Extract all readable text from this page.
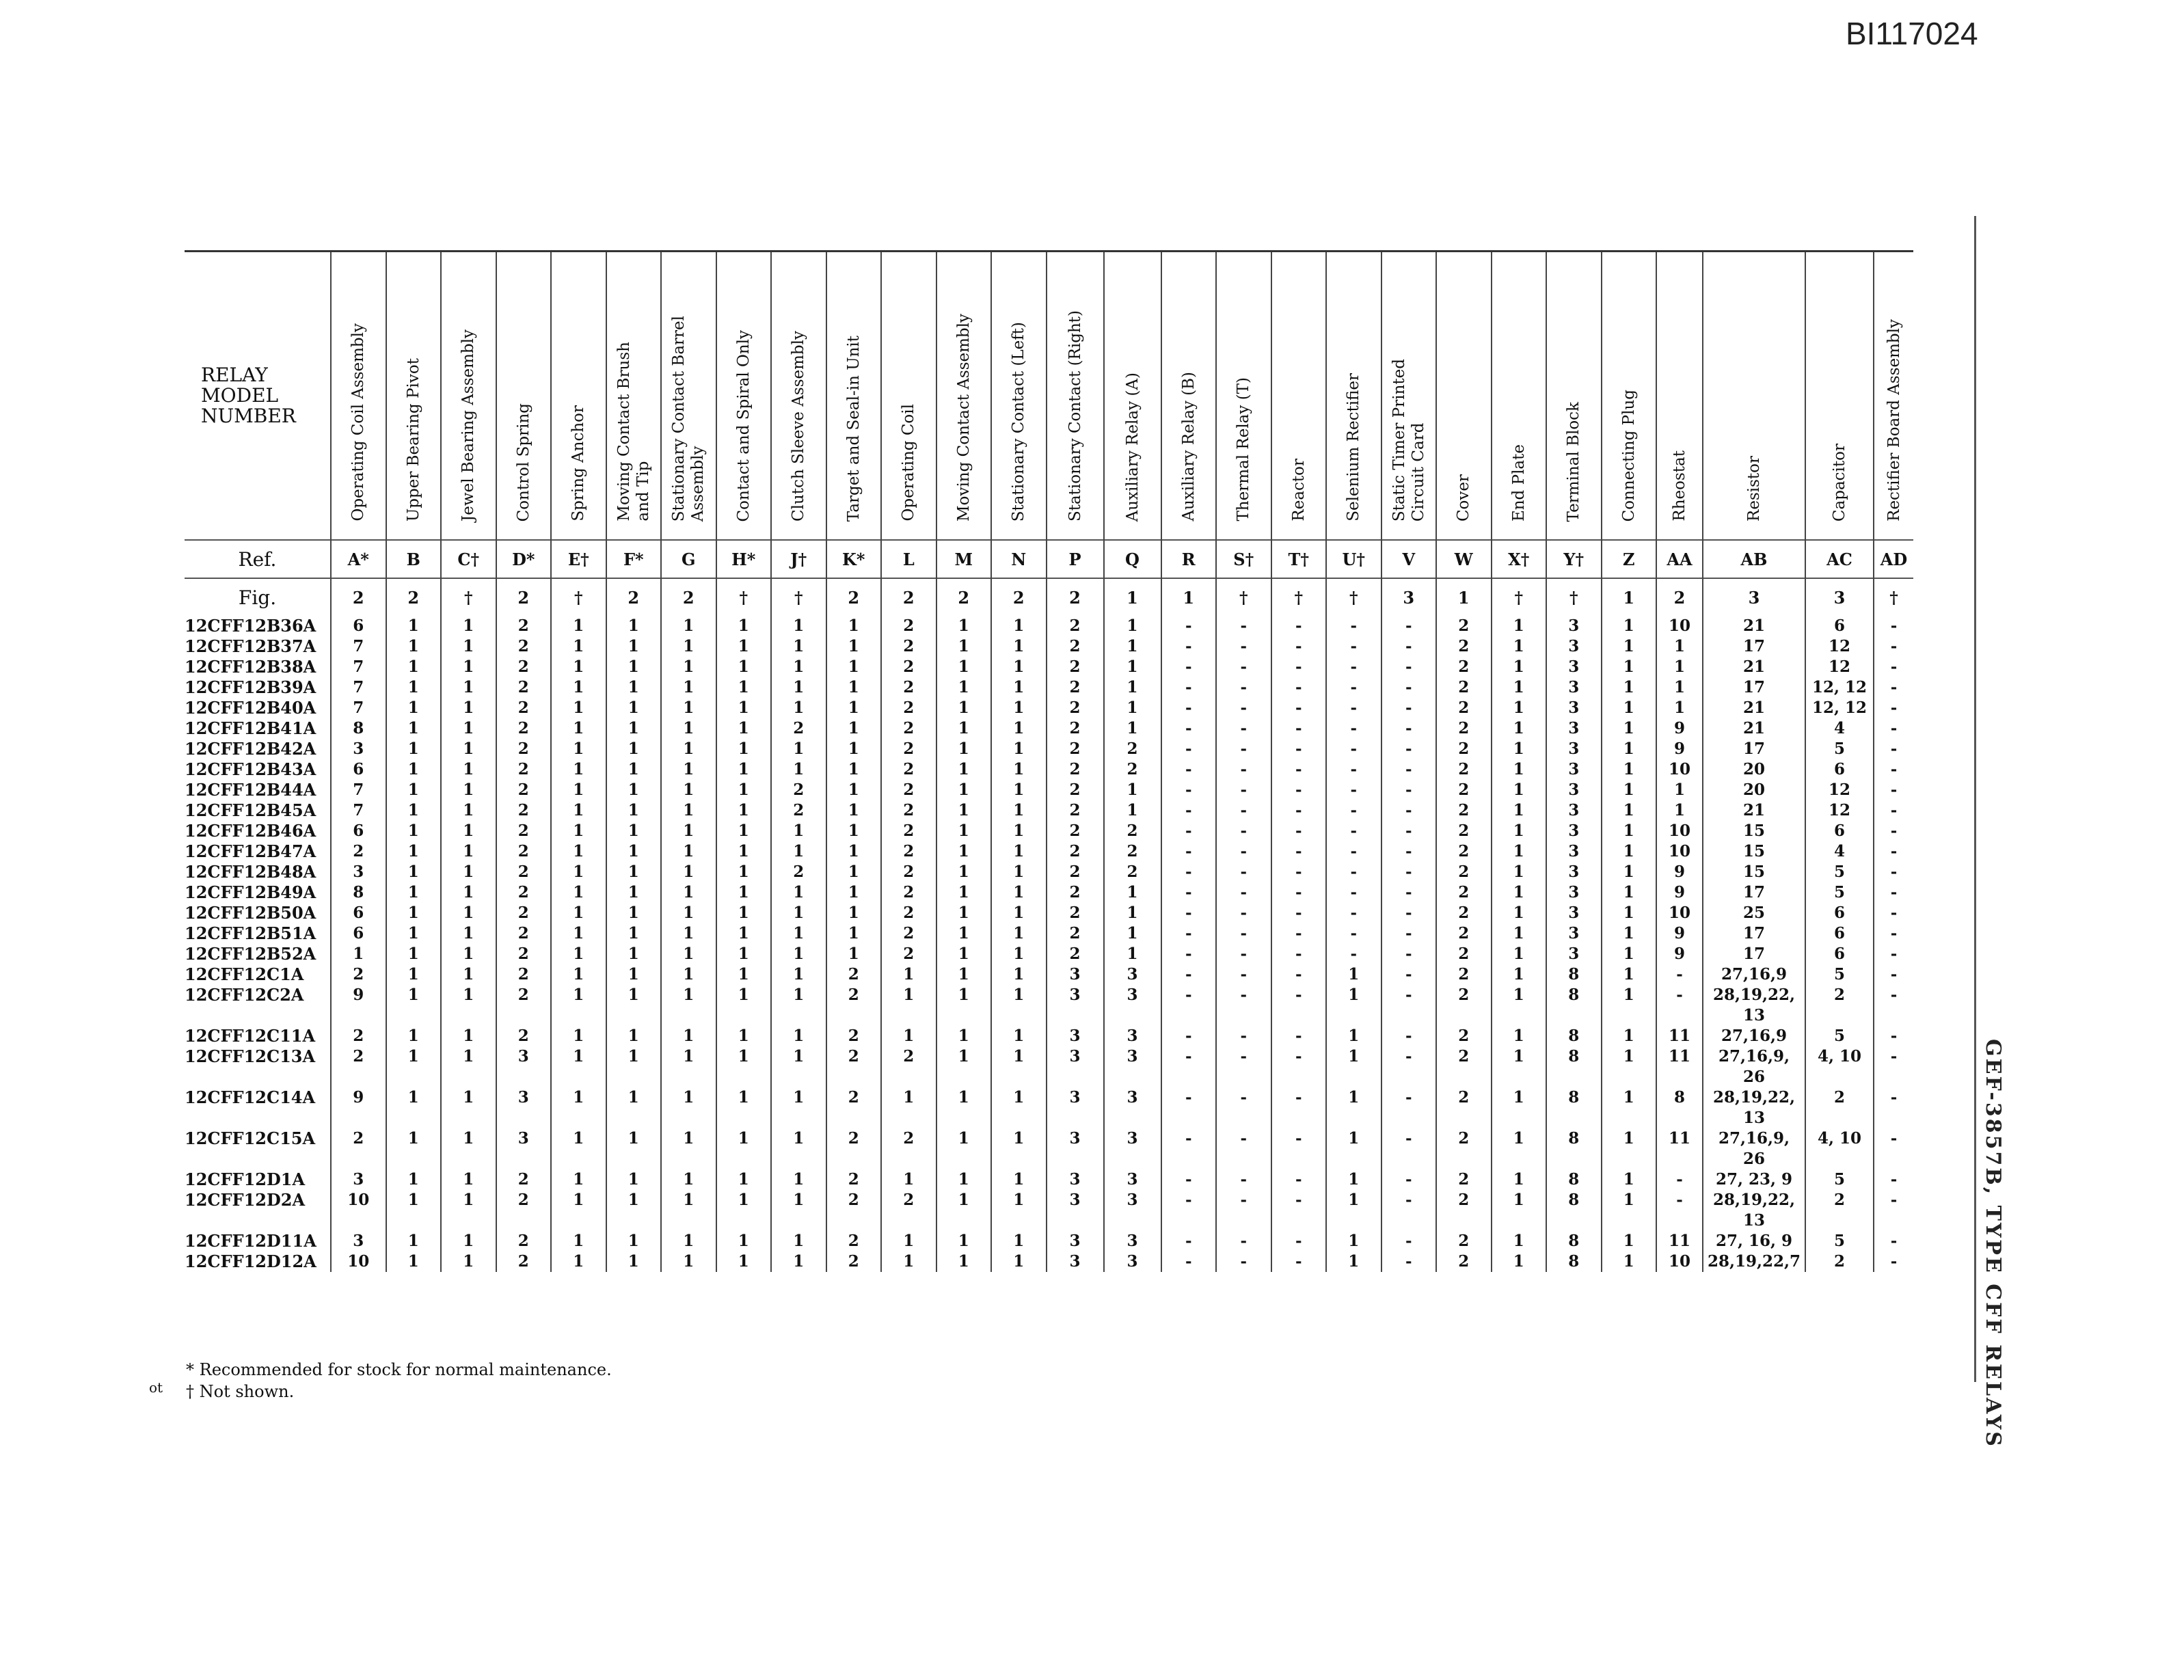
BI117024
GEF-3857B, TYPE CFF RELAYS
ot
RELAY
MODEL
NUMBER	Operating Coil Assembly	Upper Bearing Pivot	Jewel Bearing Assembly	Control Spring	Spring Anchor	Moving Contact Brush
and Tip	Stationary Contact Barrel
Assembly	Contact and Spiral Only	Clutch Sleeve Assembly	Target and Seal-in Unit	Operating Coil	Moving Contact Assembly	Stationary Contact (Left)	Stationary Contact (Right)	Auxiliary Relay (A)	Auxiliary Relay (B)	Thermal Relay (T)	Reactor	Selenium Rectifier	Static Timer Printed
Circuit Card	Cover	End Plate	Terminal Block	Connecting Plug	Rheostat	Resistor	Capacitor	Rectifier Board Assembly
Ref.	A*	B	C†	D*	E†	F*	G	H*	J†	K*	L	M	N	P	Q	R	S†	T†	U†	V	W	X†	Y†	Z	AA	AB	AC	AD
Fig.	2	2	†	2	†	2	2	†	†	2	2	2	2	2	1	1	†	†	†	3	1	†	†	1	2	3	3	†
12CFF12B36A	6	1	1	2	1	1	1	1	1	1	2	1	1	2	1	-	-	-	-	-	2	1	3	1	10	21	6	-
12CFF12B37A	7	1	1	2	1	1	1	1	1	1	2	1	1	2	1	-	-	-	-	-	2	1	3	1	1	17	12	-
12CFF12B38A	7	1	1	2	1	1	1	1	1	1	2	1	1	2	1	-	-	-	-	-	2	1	3	1	1	21	12	-
12CFF12B39A	7	1	1	2	1	1	1	1	1	1	2	1	1	2	1	-	-	-	-	-	2	1	3	1	1	17	12, 12	-
12CFF12B40A	7	1	1	2	1	1	1	1	1	1	2	1	1	2	1	-	-	-	-	-	2	1	3	1	1	21	12, 12	-
12CFF12B41A	8	1	1	2	1	1	1	1	2	1	2	1	1	2	1	-	-	-	-	-	2	1	3	1	9	21	4	-
12CFF12B42A	3	1	1	2	1	1	1	1	1	1	2	1	1	2	2	-	-	-	-	-	2	1	3	1	9	17	5	-
12CFF12B43A	6	1	1	2	1	1	1	1	1	1	2	1	1	2	2	-	-	-	-	-	2	1	3	1	10	20	6	-
12CFF12B44A	7	1	1	2	1	1	1	1	2	1	2	1	1	2	1	-	-	-	-	-	2	1	3	1	1	20	12	-
12CFF12B45A	7	1	1	2	1	1	1	1	2	1	2	1	1	2	1	-	-	-	-	-	2	1	3	1	1	21	12	-
12CFF12B46A	6	1	1	2	1	1	1	1	1	1	2	1	1	2	2	-	-	-	-	-	2	1	3	1	10	15	6	-
12CFF12B47A	2	1	1	2	1	1	1	1	1	1	2	1	1	2	2	-	-	-	-	-	2	1	3	1	10	15	4	-
12CFF12B48A	3	1	1	2	1	1	1	1	2	1	2	1	1	2	2	-	-	-	-	-	2	1	3	1	9	15	5	-
12CFF12B49A	8	1	1	2	1	1	1	1	1	1	2	1	1	2	1	-	-	-	-	-	2	1	3	1	9	17	5	-
12CFF12B50A	6	1	1	2	1	1	1	1	1	1	2	1	1	2	1	-	-	-	-	-	2	1	3	1	10	25	6	-
12CFF12B51A	6	1	1	2	1	1	1	1	1	1	2	1	1	2	1	-	-	-	-	-	2	1	3	1	9	17	6	-
12CFF12B52A	1	1	1	2	1	1	1	1	1	1	2	1	1	2	1	-	-	-	-	-	2	1	3	1	9	17	6	-
12CFF12C1A	2	1	1	2	1	1	1	1	1	2	1	1	1	3	3	-	-	-	1	-	2	1	8	1	-	27,16,9	5	-
12CFF12C2A	9	1	1	2	1	1	1	1	1	2	1	1	1	3	3	-	-	-	1	-	2	1	8	1	-	28,19,22,
13	2	-
12CFF12C11A	2	1	1	2	1	1	1	1	1	2	1	1	1	3	3	-	-	-	1	-	2	1	8	1	11	27,16,9	5	-
12CFF12C13A	2	1	1	3	1	1	1	1	1	2	2	1	1	3	3	-	-	-	1	-	2	1	8	1	11	27,16,9,
26	4, 10	-
12CFF12C14A	9	1	1	3	1	1	1	1	1	2	1	1	1	3	3	-	-	-	1	-	2	1	8	1	8	28,19,22,
13	2	-
12CFF12C15A	2	1	1	3	1	1	1	1	1	2	2	1	1	3	3	-	-	-	1	-	2	1	8	1	11	27,16,9,
26	4, 10	-
12CFF12D1A	3	1	1	2	1	1	1	1	1	2	1	1	1	3	3	-	-	-	1	-	2	1	8	1	-	27, 23, 9	5	-
12CFF12D2A	10	1	1	2	1	1	1	1	1	2	2	1	1	3	3	-	-	-	1	-	2	1	8	1	-	28,19,22,
13	2	-
12CFF12D11A	3	1	1	2	1	1	1	1	1	2	1	1	1	3	3	-	-	-	1	-	2	1	8	1	11	27, 16, 9	5	-
12CFF12D12A	10	1	1	2	1	1	1	1	1	2	1	1	1	3	3	-	-	-	1	-	2	1	8	1	10	28,19,22,7	2	-
* Recommended for stock for normal maintenance.
† Not shown.
